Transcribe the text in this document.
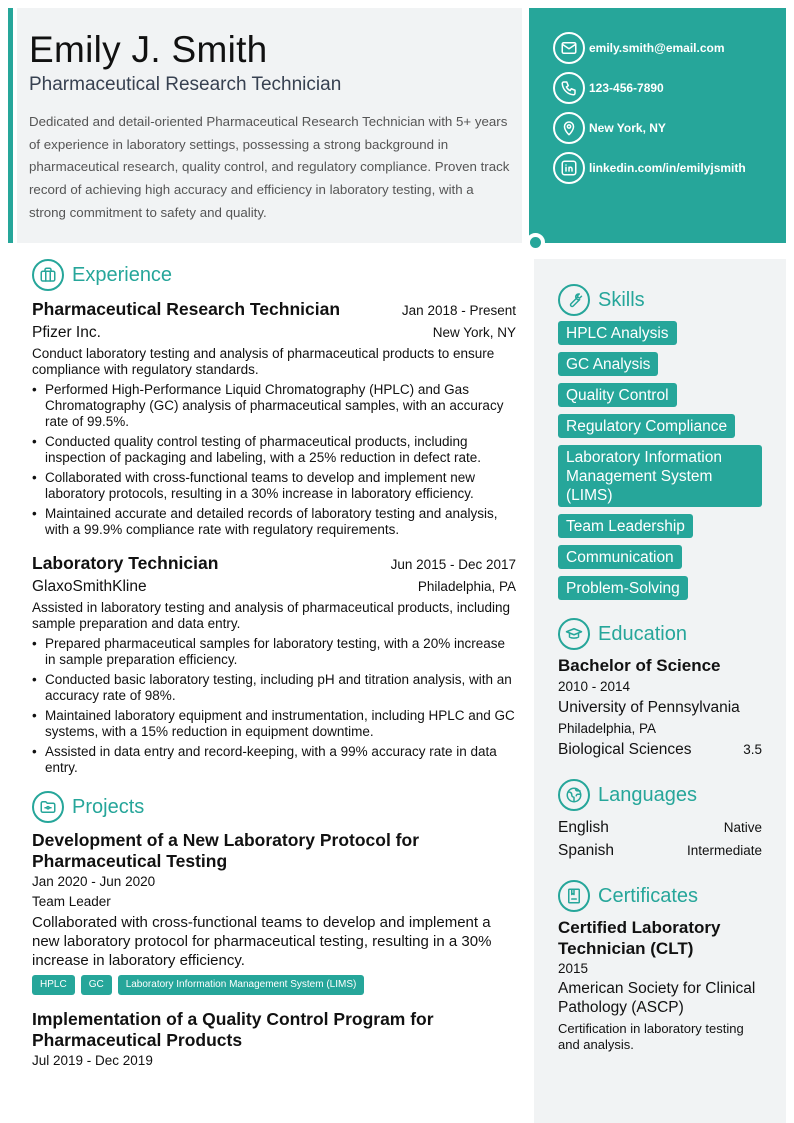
Emily J. Smith
Pharmaceutical Research Technician
Dedicated and detail-oriented Pharmaceutical Research Technician with 5+ years of experience in laboratory settings, possessing a strong background in pharmaceutical research, quality control, and regulatory compliance. Proven track record of achieving high accuracy and efficiency in laboratory testing, with a strong commitment to safety and quality.
emily.smith@email.com
123-456-7890
New York, NY
linkedin.com/in/emilyjsmith
Experience
Pharmaceutical Research Technician	Jan 2018 - Present
Pfizer Inc.	New York, NY
Conduct laboratory testing and analysis of pharmaceutical products to ensure compliance with regulatory standards.
• Performed High-Performance Liquid Chromatography (HPLC) and Gas Chromatography (GC) analysis of pharmaceutical samples, with an accuracy rate of 99.5%.
• Conducted quality control testing of pharmaceutical products, including inspection of packaging and labeling, with a 25% reduction in defect rate.
• Collaborated with cross-functional teams to develop and implement new laboratory protocols, resulting in a 30% increase in laboratory efficiency.
• Maintained accurate and detailed records of laboratory testing and analysis, with a 99.9% compliance rate with regulatory requirements.
Laboratory Technician	Jun 2015 - Dec 2017
GlaxoSmithKline	Philadelphia, PA
Assisted in laboratory testing and analysis of pharmaceutical products, including sample preparation and data entry.
• Prepared pharmaceutical samples for laboratory testing, with a 20% increase in sample preparation efficiency.
• Conducted basic laboratory testing, including pH and titration analysis, with an accuracy rate of 98%.
• Maintained laboratory equipment and instrumentation, including HPLC and GC systems, with a 15% reduction in equipment downtime.
• Assisted in data entry and record-keeping, with a 99% accuracy rate in data entry.
Projects
Development of a New Laboratory Protocol for Pharmaceutical Testing
Jan 2020 - Jun 2020
Team Leader
Collaborated with cross-functional teams to develop and implement a new laboratory protocol for pharmaceutical testing, resulting in a 30% increase in laboratory efficiency.
HPLC	GC	Laboratory Information Management System (LIMS)
Implementation of a Quality Control Program for Pharmaceutical Products
Jul 2019 - Dec 2019
Skills
HPLC Analysis
GC Analysis
Quality Control
Regulatory Compliance
Laboratory Information Management System (LIMS)
Team Leadership
Communication
Problem-Solving
Education
Bachelor of Science
2010 - 2014
University of Pennsylvania
Philadelphia, PA
Biological Sciences	3.5
Languages
English	Native
Spanish	Intermediate
Certificates
Certified Laboratory Technician (CLT)
2015
American Society for Clinical Pathology (ASCP)
Certification in laboratory testing and analysis.
